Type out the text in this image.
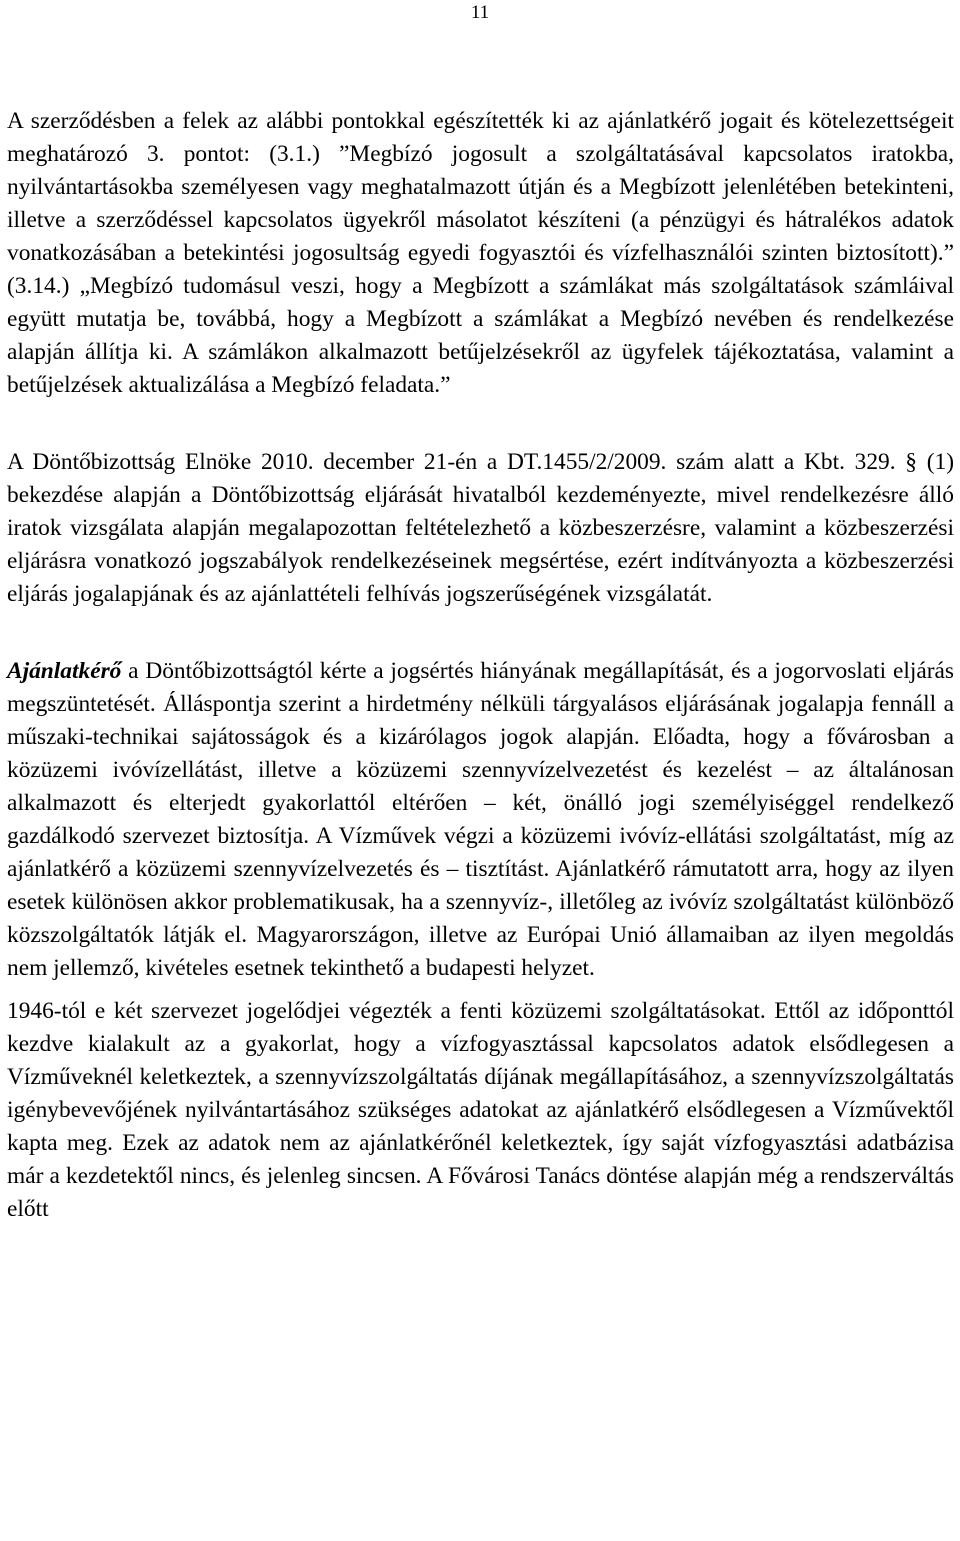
11

A szerződésben a felek az alábbi pontokkal egészítették ki az ajánlatkérő jogait és kötelezettségeit meghatározó 3. pontot: (3.1.) ”Megbízó jogosult a szolgáltatásával kapcsolatos iratokba, nyilvántartásokba személyesen vagy meghatalmazott útján és a Megbízott jelenlétében betekinteni, illetve a szerződéssel kapcsolatos ügyekről másolatot készíteni (a pénzügyi és hátralékos adatok vonatkozásában a betekintési jogosultság egyedi fogyasztói és vízfelhasználói szinten biztosított).” (3.14.) „Megbízó tudomásul veszi, hogy a Megbízott a számlákat más szolgáltatások számláival együtt mutatja be, továbbá, hogy a Megbízott a számlákat a Megbízó nevében és rendelkezése alapján állítja ki. A számlákon alkalmazott betűjelzésekről az ügyfelek tájékoztatása, valamint a betűjelzések aktualizálása a Megbízó feladata.”

A Döntőbizottság Elnöke 2010. december 21-én a DT.1455/2/2009. szám alatt a Kbt. 329. § (1) bekezdése alapján a Döntőbizottság eljárását hivatalból kezdeményezte, mivel rendelkezésre álló iratok vizsgálata alapján megalapozottan feltételezhető a közbeszerzésre, valamint a közbeszerzési eljárásra vonatkozó jogszabályok rendelkezéseinek megsértése, ezért indítványozta a közbeszerzési eljárás jogalapjának és az ajánlattételi felhívás jogszerűségének vizsgálatát.

Ajánlatkérő a Döntőbizottságtól kérte a jogsértés hiányának megállapítását, és a jogorvoslati eljárás megszüntetését. Álláspontja szerint a hirdetmény nélküli tárgyalásos eljárásának jogalapja fennáll a műszaki-technikai sajátosságok és a kizárólagos jogok alapján. Előadta, hogy a fővárosban a közüzemi ivóvízellátást, illetve a közüzemi szennyvízelvezetést és kezelést – az általánosan alkalmazott és elterjedt gyakorlattól eltérően – két, önálló jogi személyiséggel rendelkező gazdálkodó szervezet biztosítja. A Vízművek végzi a közüzemi ivóvíz-ellátási szolgáltatást, míg az ajánlatkérő a közüzemi szennyvízelvezetés és – tisztítást. Ajánlatkérő rámutatott arra, hogy az ilyen esetek különösen akkor problematikusak, ha a szennyvíz-, illetőleg az ivóvíz szolgáltatást különböző közszolgáltatók látják el. Magyarországon, illetve az Európai Unió államaiban az ilyen megoldás nem jellemző, kivételes esetnek tekinthető a budapesti helyzet.

1946-tól e két szervezet jogelődjei végezték a fenti közüzemi szolgáltatásokat. Ettől az időponttól kezdve kialakult az a gyakorlat, hogy a vízfogyasztással kapcsolatos adatok elsődlegesen a Vízműveknél keletkeztek, a szennyvízszolgáltatás díjának megállapításához, a szennyvízszolgáltatás igénybevevőjének nyilvántartásához szükséges adatokat az ajánlatkérő elsődlegesen a Vízművektől kapta meg. Ezek az adatok nem az ajánlatkérőnél keletkeztek, így saját vízfogyasztási adatbázisa már a kezdetektől nincs, és jelenleg sincsen. A Fővárosi Tanács döntése alapján még a rendszerváltás előtt
